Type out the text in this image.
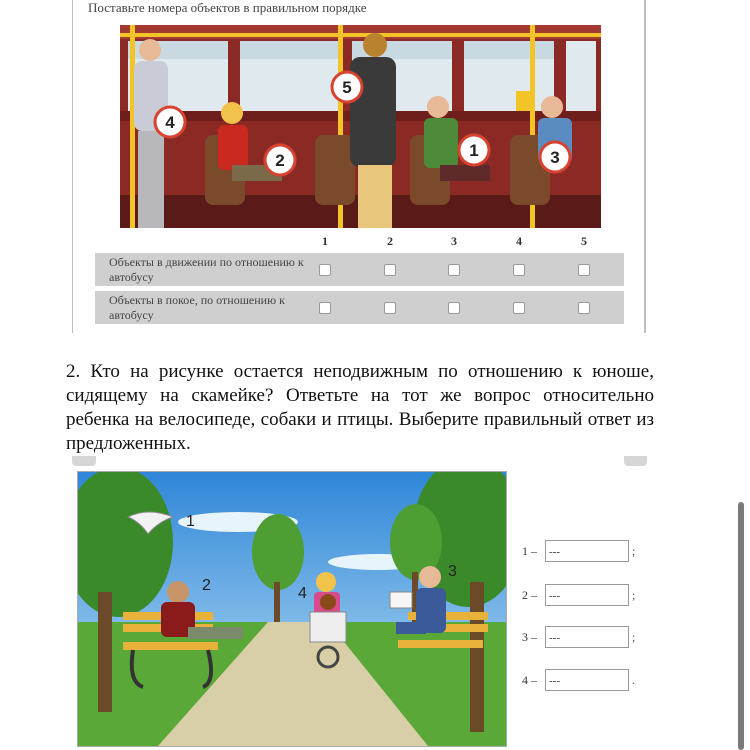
Поставьте номера объектов в правильном порядке
4
2
5
1	3
1	2	3	4	5
Объекты в движении по отношению к автобусу
Объекты в покое, по отношению к автобусу
2. Кто на рисунке остается неподвижным по отношению к юноше, сидящему на скамейке? Ответьте на тот же вопрос относительно ребенка на велосипеде, собаки и птицы. Выберите правильный ответ из предложенных.
1
2
3
4
1 –	---	;
2 –	---	;
3 –	---	;
4 –	---	.
